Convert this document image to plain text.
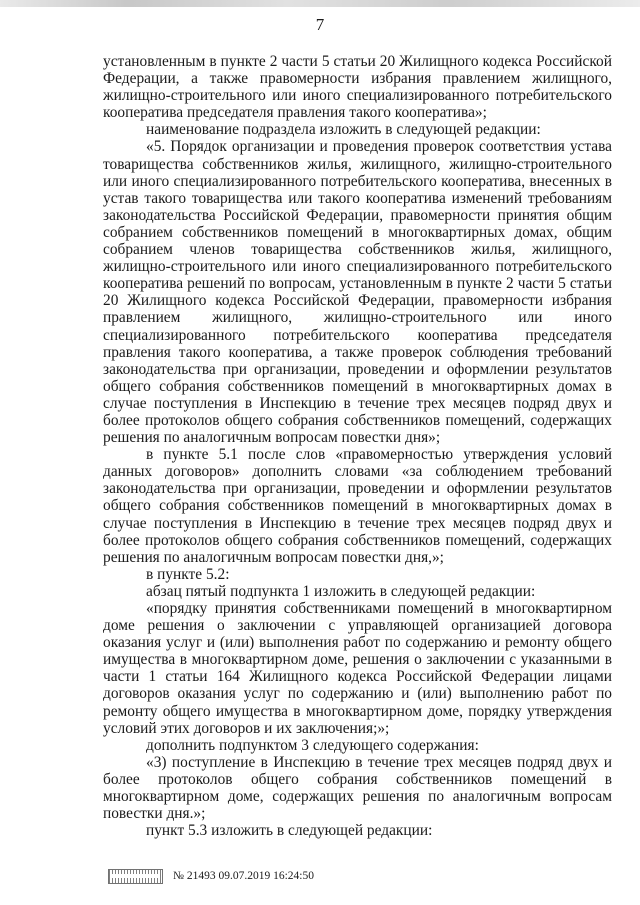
7

установленным в пункте 2 части 5 статьи 20 Жилищного кодекса Российской Федерации, а также правомерности избрания правлением жилищного, жилищно-строительного или иного специализированного потребительского кооператива председателя правления такого кооператива»;

наименование подраздела изложить в следующей редакции:

«5. Порядок организации и проведения проверок соответствия устава товарищества собственников жилья, жилищного, жилищно-строительного или иного специализированного потребительского кооператива, внесенных в устав такого товарищества или такого кооператива изменений требованиям законодательства Российской Федерации, правомерности принятия общим собранием собственников помещений в многоквартирных домах, общим собранием членов товарищества собственников жилья, жилищного, жилищно-строительного или иного специализированного потребительского кооператива решений по вопросам, установленным в пункте 2 части 5 статьи 20 Жилищного кодекса Российской Федерации, правомерности избрания правлением жилищного, жилищно-строительного или иного специализированного потребительского кооператива председателя правления такого кооператива, а также проверок соблюдения требований законодательства при организации, проведении и оформлении результатов общего собрания собственников помещений в многоквартирных домах в случае поступления в Инспекцию в течение трех месяцев подряд двух и более протоколов общего собрания собственников помещений, содержащих решения по аналогичным вопросам повестки дня»;

в пункте 5.1 после слов «правомерностью утверждения условий данных договоров» дополнить словами «за соблюдением требований законодательства при организации, проведении и оформлении результатов общего собрания собственников помещений в многоквартирных домах в случае поступления в Инспекцию в течение трех месяцев подряд двух и более протоколов общего собрания собственников помещений, содержащих решения по аналогичным вопросам повестки дня,»;

в пункте 5.2:

абзац пятый подпункта 1 изложить в следующей редакции:

«порядку принятия собственниками помещений в многоквартирном доме решения о заключении с управляющей организацией договора оказания услуг и (или) выполнения работ по содержанию и ремонту общего имущества в многоквартирном доме, решения о заключении с указанными в части 1 статьи 164 Жилищного кодекса Российской Федерации лицами договоров оказания услуг по содержанию и (или) выполнению работ по ремонту общего имущества в многоквартирном доме, порядку утверждения условий этих договоров и их заключения;»;

дополнить подпунктом 3 следующего содержания:

«3) поступление в Инспекцию в течение трех месяцев подряд двух и более протоколов общего собрания собственников помещений в многоквартирном доме, содержащих решения по аналогичным вопросам повестки дня.»;

пункт 5.3 изложить в следующей редакции:

№ 21493 09.07.2019 16:24:50
